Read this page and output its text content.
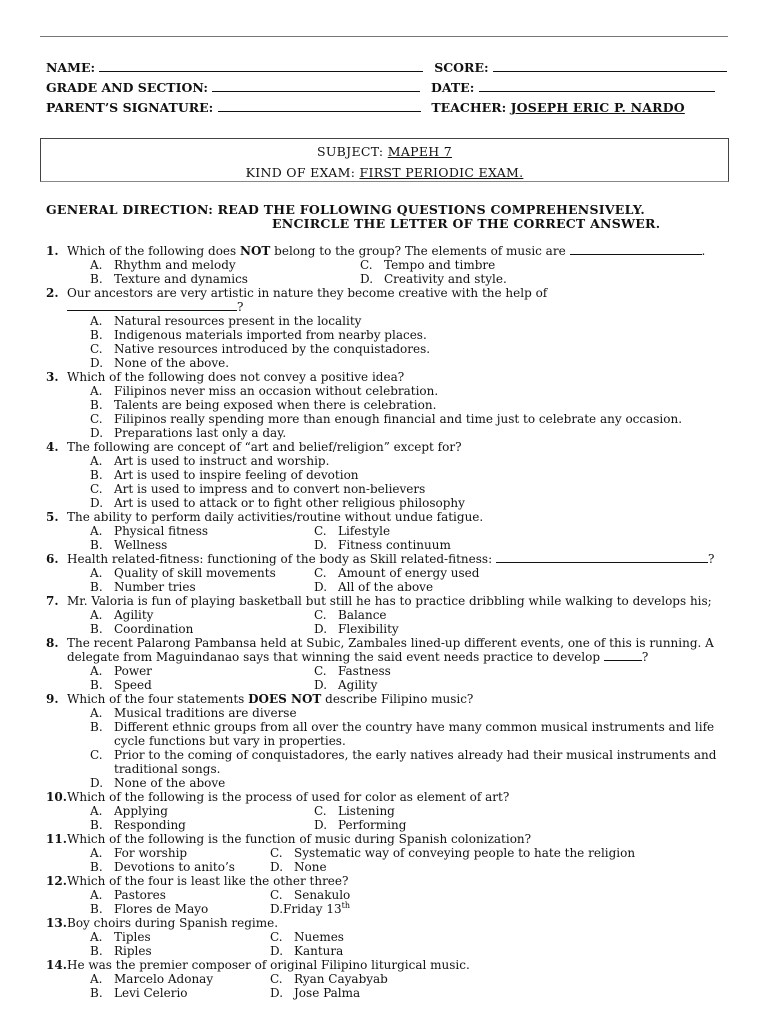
NAME:	SCORE:
GRADE AND SECTION:	DATE:
PARENT’S SIGNATURE:	TEACHER: JOSEPH ERIC P. NARDO
SUBJECT: MAPEH 7
KIND OF EXAM: FIRST PERIODIC EXAM.
GENERAL DIRECTION: READ THE FOLLOWING QUESTIONS COMPREHENSIVELY.
ENCIRCLE THE LETTER OF THE CORRECT ANSWER.
1. Which of the following does NOT belong to the group? The elements of music are	.
A. Rhythm and melody	C. Tempo and timbre
B. Texture and dynamics	D. Creativity and style.
2. Our ancestors are very artistic in nature they become creative with the help of ?
A. Natural resources present in the locality
B. Indigenous materials imported from nearby places.
C. Native resources introduced by the conquistadores.
D. None of the above.
3. Which of the following does not convey a positive idea?
A. Filipinos never miss an occasion without celebration.
B. Talents are being exposed when there is celebration.
C. Filipinos really spending more than enough financial and time just to celebrate any occasion.
D. Preparations last only a day.
4. The following are concept of “art and belief/religion” except for?
A. Art is used to instruct and worship.
B. Art is used to inspire feeling of devotion
C. Art is used to impress and to convert non-believers
D. Art is used to attack or to fight other religious philosophy
5. The ability to perform daily activities/routine without undue fatigue.
A. Physical fitness	C. Lifestyle
B. Wellness	D. Fitness continuum
6. Health related-fitness: functioning of the body as Skill related-fitness:	?
A. Quality of skill movements	C. Amount of energy used
B. Number tries	D. All of the above
7. Mr. Valoria is fun of playing basketball but still he has to practice dribbling while walking to develops his;
A. Agility	C. Balance
B. Coordination	D. Flexibility
8. The recent Palarong Pambansa held at Subic, Zambales lined-up different events, one of this is running. A
delegate from Maguindanao says that winning the said event needs practice to develop	?
A. Power	C. Fastness
B. Speed	D. Agility
9. Which of the four statements DOES NOT describe Filipino music?
A. Musical traditions are diverse
B. Different ethnic groups from all over the country have many common musical instruments and life
cycle functions but vary in properties.
C. Prior to the coming of conquistadores, the early natives already had their musical instruments and
traditional songs.
D. None of the above
10. Which of the following is the process of used for color as element of art?
A. Applying	C. Listening
B. Responding	D. Performing
11. Which of the following is the function of music during Spanish colonization?
A. For worship	C. Systematic way of conveying people to hate the religion
B. Devotions to anito’s	D. None
12. Which of the four is least like the other three?
A. Pastores	C. Senakulo
B. Flores de Mayo	D.Friday 13th
13. Boy choirs during Spanish regime.
A. Tiples	C. Nuemes
B. Riples	D. Kantura
14. He was the premier composer of original Filipino liturgical music.
A. Marcelo Adonay	C. Ryan Cayabyab
B. Levi Celerio	D. Jose Palma
